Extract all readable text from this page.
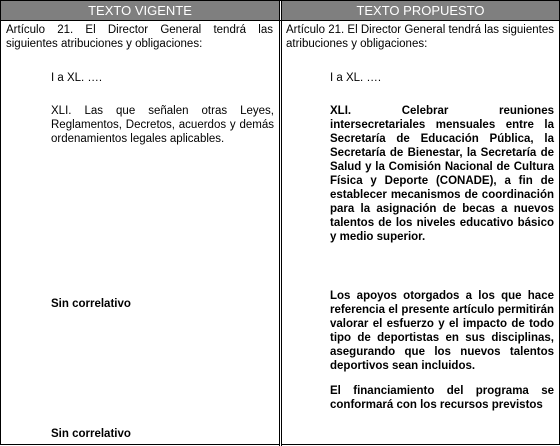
TEXTO VIGENTE	TEXTO PROPUESTO
Artículo 21. El Director General tendrá las siguientes atribuciones y obligaciones:
I a XL. ….
XLI. Las que señalen otras Leyes, Reglamentos, Decretos, acuerdos y demás ordenamientos legales aplicables.
Sin correlativo
Sin correlativo
Artículo 21. El Director General tendrá las siguientes atribuciones y obligaciones:
I a XL. ….
XLI. Celebrar reuniones intersecretariales mensuales entre la Secretaría de Educación Pública, la Secretaría de Bienestar, la Secretaría de Salud y la Comisión Nacional de Cultura Física y Deporte (CONADE), a fin de establecer mecanismos de coordinación para la asignación de becas a nuevos talentos de los niveles educativo básico y medio superior.
Los apoyos otorgados a los que hace referencia el presente artículo permitirán valorar el esfuerzo y el impacto de todo tipo de deportistas en sus disciplinas, asegurando que los nuevos talentos deportivos sean incluidos.
El financiamiento del programa se conformará con los recursos previstos
